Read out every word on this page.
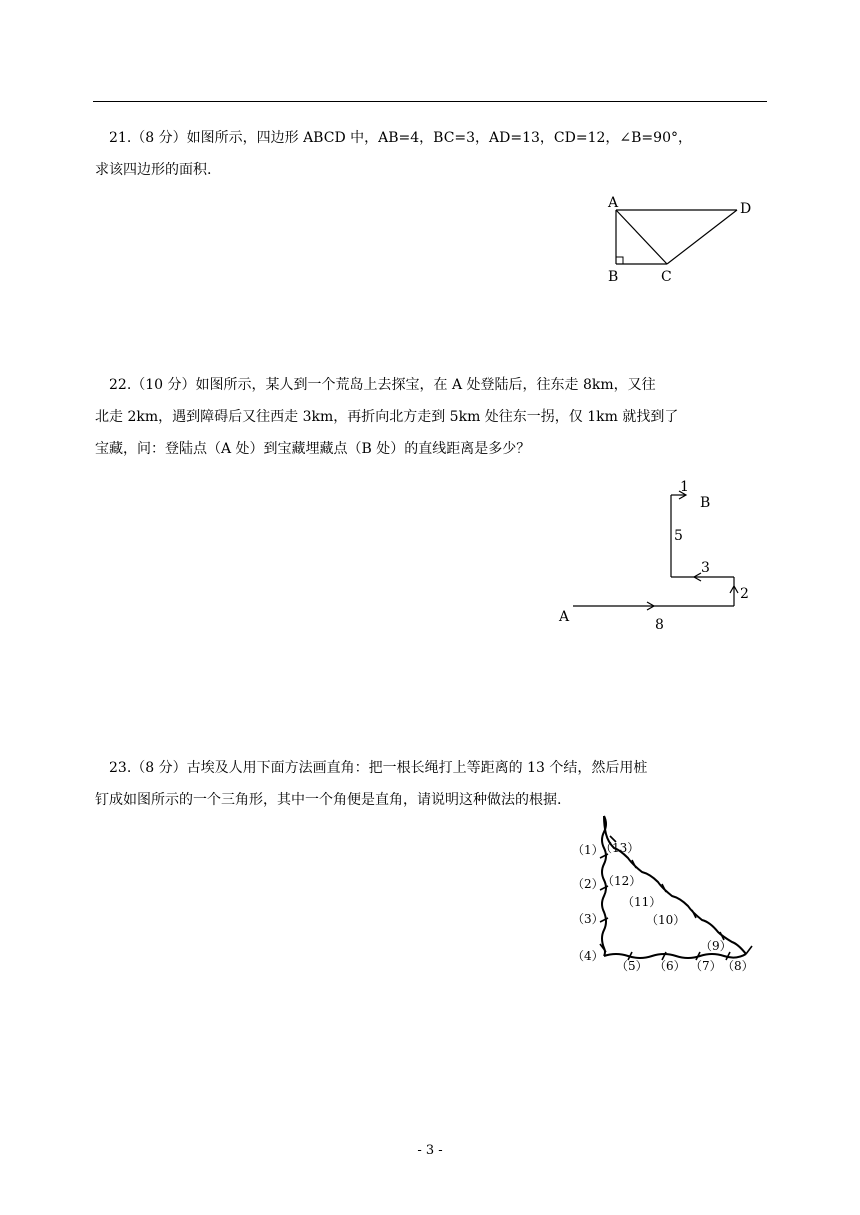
21.（8 分）如图所示，四边形 ABCD 中，AB=4，BC=3，AD=13，CD=12，∠B=90°，
求该四边形的面积.
A
B	C
D
22.（10 分）如图所示，某人到一个荒岛上去探宝，在 A 处登陆后，往东走 8km，又往
北走 2km，遇到障碍后又往西走 3km，再折向北方走到 5km 处往东一拐，仅 1km 就找到了
宝藏，问：登陆点（A 处）到宝藏埋藏点（B 处）的直线距离是多少？
A
B
8
2
3
5
1
23.（8 分）古埃及人用下面方法画直角：把一根长绳打上等距离的 13 个结，然后用桩
钉成如图所示的一个三角形，其中一个角便是直角，请说明这种做法的根据.
（1）
（2）
（3）
（4）
（5） （6） （7） （8）
（9）
（10）
（11）
（12）
（13）
- 3 -
